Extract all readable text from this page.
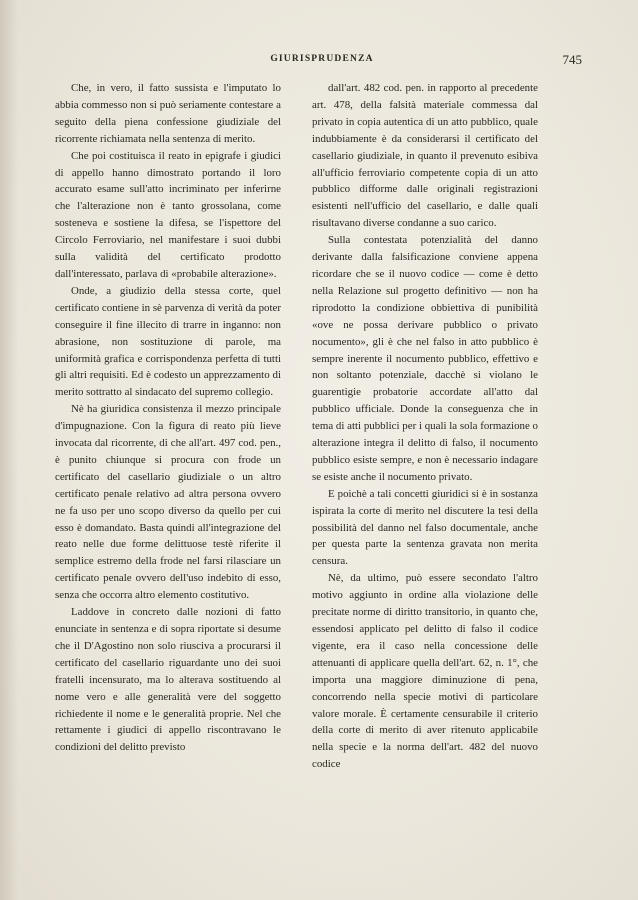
GIURISPRUDENZA	745

Che, in vero, il fatto sussista e l'imputato lo abbia commesso non si può seriamente contestare a seguito della piena confessione giudiziale del ricorrente richiamata nella sentenza di merito.

Che poi costituisca il reato in epigrafe i giudici di appello hanno dimostrato portando il loro accurato esame sull'atto incriminato per inferirne che l'alterazione non è tanto grossolana, come sosteneva e sostiene la difesa, se l'ispettore del Circolo Ferroviario, nel manifestare i suoi dubbi sulla validità del certificato prodotto dall'interessato, parlava di «probabile alterazione».

Onde, a giudizio della stessa corte, quel certificato contiene in sè parvenza di verità da poter conseguire il fine illecito di trarre in inganno: non abrasione, non sostituzione di parole, ma uniformità grafica e corrispondenza perfetta di tutti gli altri requisiti. Ed è codesto un apprezzamento di merito sottratto al sindacato del supremo collegio.

Nè ha giuridica consistenza il mezzo principale d'impugnazione. Con la figura di reato più lieve invocata dal ricorrente, di che all'art. 497 cod. pen., è punito chiunque si procura con frode un certificato del casellario giudiziale o un altro certificato penale relativo ad altra persona ovvero ne fa uso per uno scopo diverso da quello per cui esso è domandato. Basta quindi all'integrazione del reato nelle due forme delittuose testè riferite il semplice estremo della frode nel farsi rilasciare un certificato penale ovvero dell'uso indebito di esso, senza che occorra altro elemento costitutivo.

Laddove in concreto dalle nozioni di fatto enunciate in sentenza e di sopra riportate si desume che il D'Agostino non solo riusciva a procurarsi il certificato del casellario riguardante uno dei suoi fratelli incensurato, ma lo alterava sostituendo al nome vero e alle generalità vere del soggetto richiedente il nome e le generalità proprie. Nel che rettamente i giudici di appello riscontravano le condizioni del delitto previsto

dall'art. 482 cod. pen. in rapporto al precedente art. 478, della falsità materiale commessa dal privato in copia autentica di un atto pubblico, quale indubbiamente è da considerarsi il certificato del casellario giudiziale, in quanto il prevenuto esibiva all'ufficio ferroviario competente copia di un atto pubblico difforme dalle originali registrazioni esistenti nell'ufficio del casellario, e dalle quali risultavano diverse condanne a suo carico.

Sulla contestata potenzialità del danno derivante dalla falsificazione conviene appena ricordare che se il nuovo codice — come è detto nella Relazione sul progetto definitivo — non ha riprodotto la condizione obbiettiva di punibilità «ove ne possa derivare pubblico o privato nocumento», gli è che nel falso in atto pubblico è sempre inerente il nocumento pubblico, effettivo e non soltanto potenziale, dacchè si violano le guarentigie probatorie accordate all'atto dal pubblico ufficiale. Donde la conseguenza che in tema di atti pubblici per i quali la sola formazione o alterazione integra il delitto di falso, il nocumento pubblico esiste sempre, e non è necessario indagare se esiste anche il nocumento privato.

E poichè a tali concetti giuridici si è in sostanza ispirata la corte di merito nel discutere la tesi della possibilità del danno nel falso documentale, anche per questa parte la sentenza gravata non merita censura.

Nè, da ultimo, può essere secondato l'altro motivo aggiunto in ordine alla violazione delle precitate norme di diritto transitorio, in quanto che, essendosi applicato pel delitto di falso il codice vigente, era il caso nella concessione delle attenuanti di applicare quella dell'art. 62, n. 1°, che importa una maggiore diminuzione di pena, concorrendo nella specie motivi di particolare valore morale. È certamente censurabile il criterio della corte di merito di aver ritenuto applicabile nella specie e la norma dell'art. 482 del nuovo codice
